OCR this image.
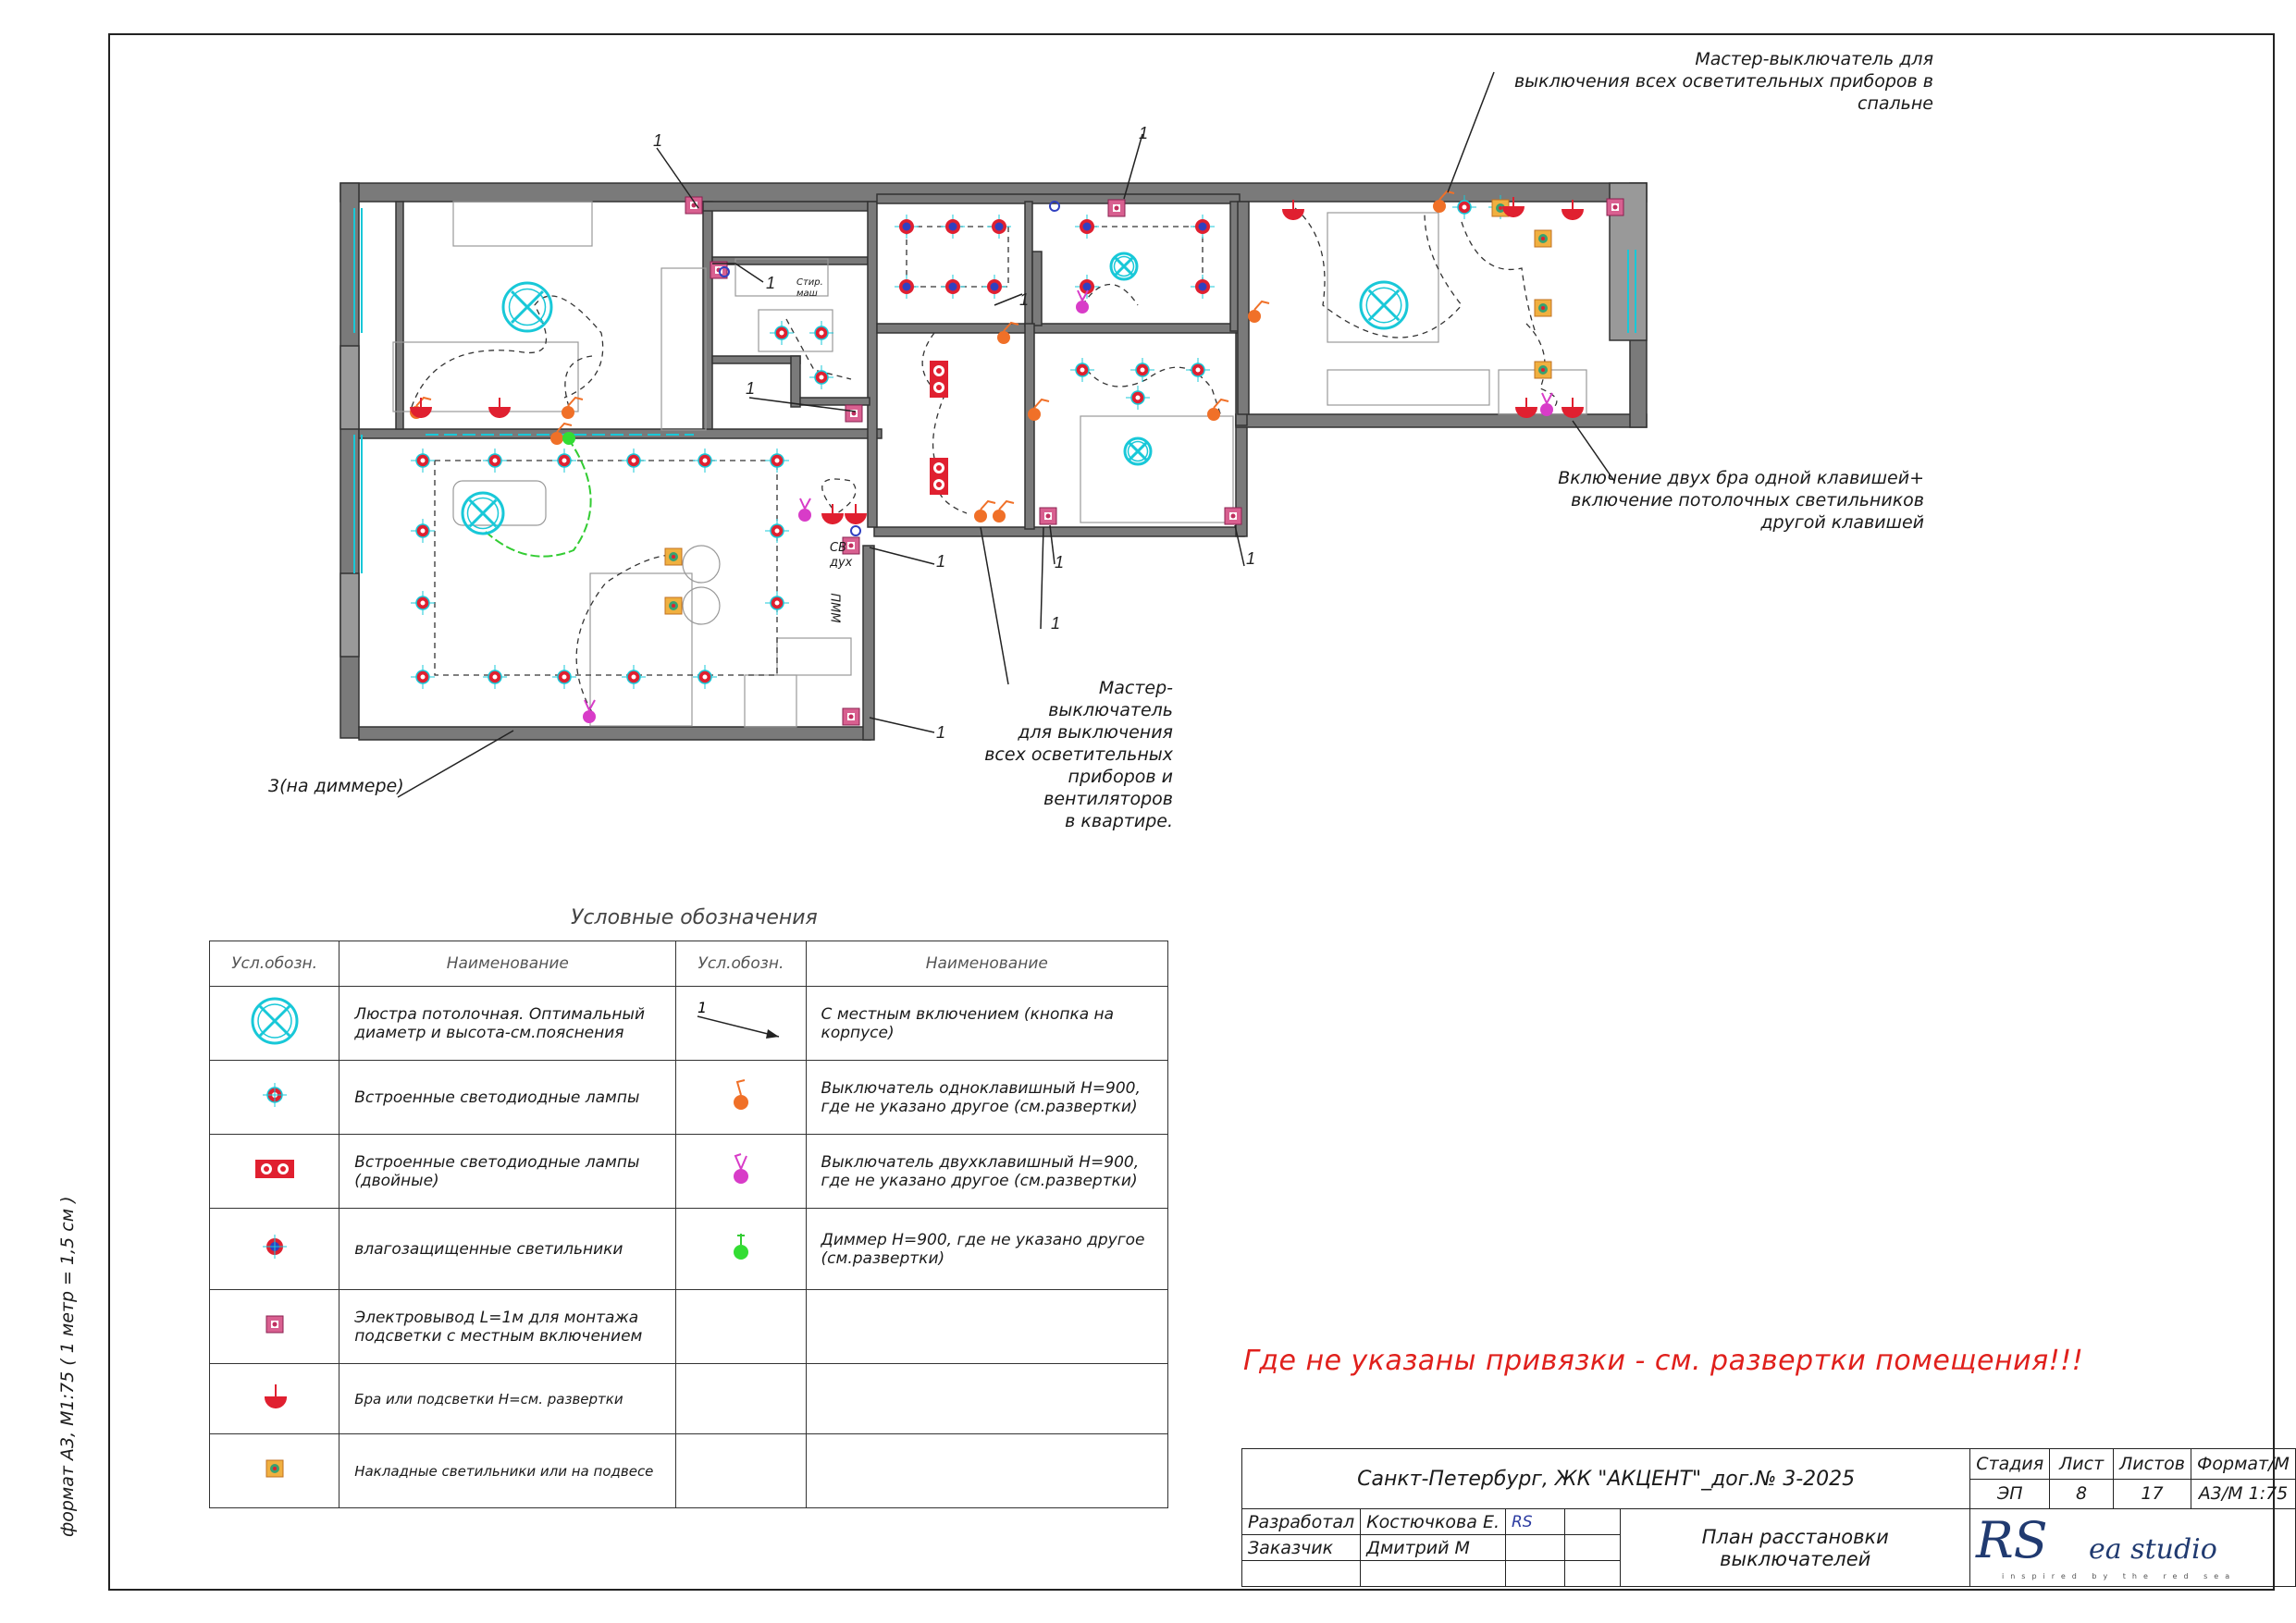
формат А3, М1:75 ( 1 метр = 1,5 см )
1	1
1
1
1
1
1
1
1
1
Стир.
маш
СВ
дух
ПММ
Мастер-выключатель для
выключения всех осветительных приборов в спальне
Включение двух бра одной клавишей+
включение потолочных светильников
другой клавишей
Мастер-выключатель
для выключения
всех осветительных
приборов и
вентиляторов
в квартире.
3(на диммере)
Условные обозначения
Усл.обозн.	Наименование	Усл.обозн.	Наименование
	Люстра потолочная. Оптимальный диаметр и высота-см.пояснения	1	С местным включением (кнопка на корпусе)
	Встроенные светодиодные лампы		Выключатель одноклавишный Н=900, где не указано другое (см.развертки)
	Встроенные светодиодные лампы (двойные)		Выключатель двухклавишный Н=900, где не указано другое (см.развертки)
	влагозащищенные светильники		Диммер Н=900, где не указано другое (см.развертки)
	Электровывод L=1м для монтажа подсветки с местным включением		
	Бра или подсветки Н=см. развертки		
	Накладные светильники или на подвесе		
Где не указаны привязки - см. развертки помещения!!!
Санкт-Петербург, ЖК "АКЦЕНТ"_дог.№ 3-2025					Стадия	Лист	Листов	Формат/М
					ЭП	8	17	А3/М 1:75
Разработал	Костючкова Е.	RS		План расстановки выключателей				
Заказчик	Дмитрий М							
				RS ea studio
inspired by the red sea
